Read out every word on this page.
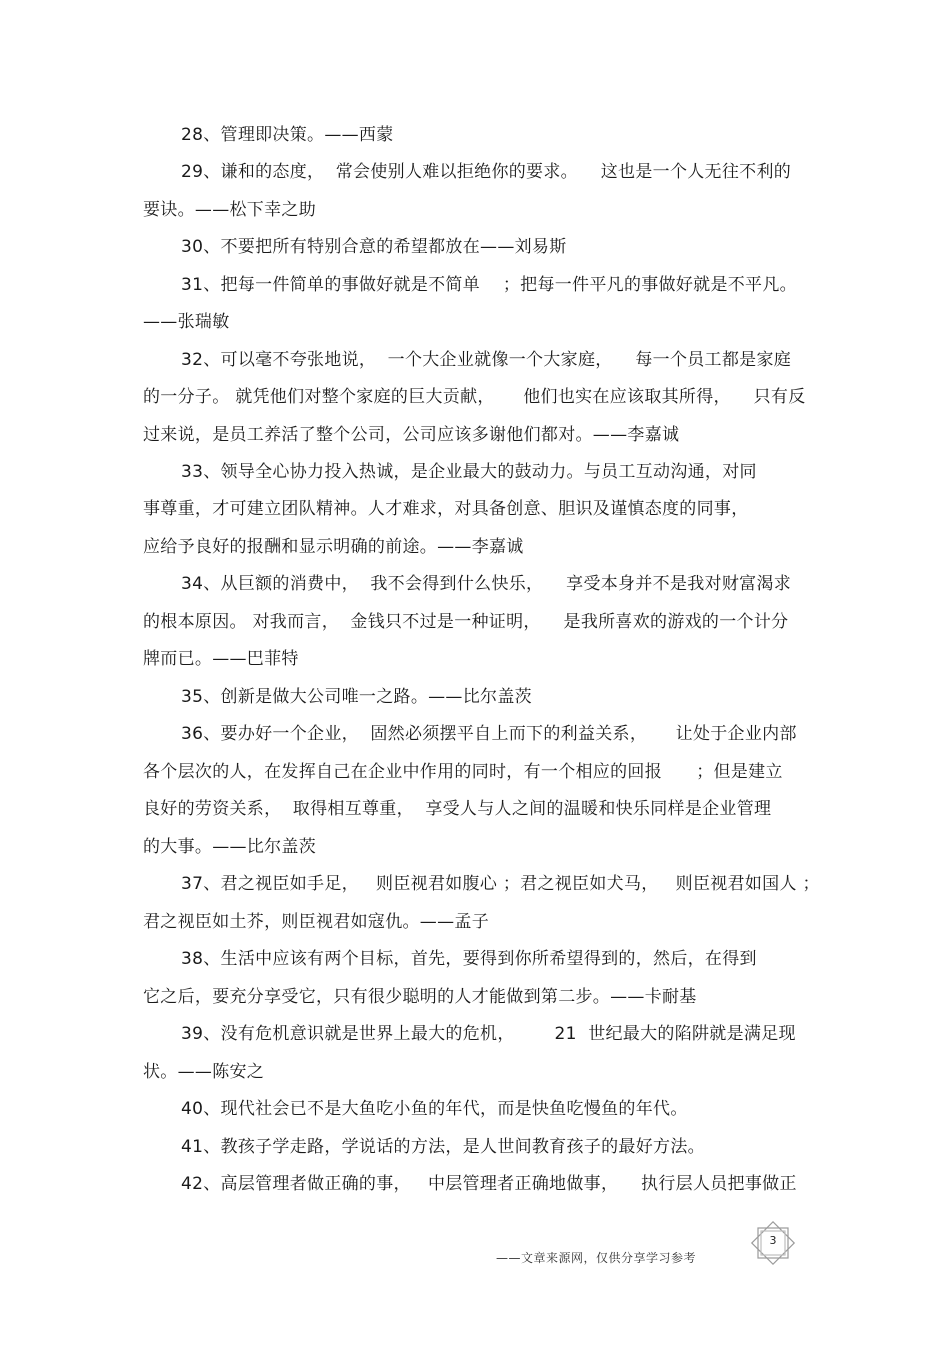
28、管理即决策。——西蒙
29、谦和的态度，  常会使别人难以拒绝你的要求。    这也是一个人无往不利的
要诀。——松下幸之助
30、不要把所有特别合意的希望都放在——刘易斯
31、把每一件简单的事做好就是不简单    ；把每一件平凡的事做好就是不平凡。
——张瑞敏
32、可以毫不夸张地说，  一个大企业就像一个大家庭，    每一个员工都是家庭
的一分子。 就凭他们对整个家庭的巨大贡献，     他们也实在应该取其所得，    只有反
过来说，是员工养活了整个公司，公司应该多谢他们都对。——李嘉诚
33、领导全心协力投入热诚，是企业最大的鼓动力。与员工互动沟通，对同
事尊重，才可建立团队精神。人才难求，对具备创意、胆识及谨慎态度的同事，
应给予良好的报酬和显示明确的前途。——李嘉诚
34、从巨额的消费中，  我不会得到什么快乐，    享受本身并不是我对财富渴求
的根本原因。 对我而言，  金钱只不过是一种证明，    是我所喜欢的游戏的一个计分
牌而已。——巴菲特
35、创新是做大公司唯一之路。——比尔盖茨
36、要办好一个企业，  固然必须摆平自上而下的利益关系，     让处于企业内部
各个层次的人，在发挥自己在企业中作用的同时，有一个相应的回报      ；但是建立
良好的劳资关系，  取得相互尊重，  享受人与人之间的温暖和快乐同样是企业管理
的大事。——比尔盖茨
37、君之视臣如手足，   则臣视君如腹心 ；君之视臣如犬马，   则臣视君如国人 ；
君之视臣如土芥，则臣视君如寇仇。——孟子
38、生活中应该有两个目标，首先，要得到你所希望得到的，然后，在得到
它之后，要充分享受它，只有很少聪明的人才能做到第二步。——卡耐基
39、没有危机意识就是世界上最大的危机，       21  世纪最大的陷阱就是满足现
状。——陈安之
40、现代社会已不是大鱼吃小鱼的年代，而是快鱼吃慢鱼的年代。
41、教孩子学走路，学说话的方法，是人世间教育孩子的最好方法。
42、高层管理者做正确的事，   中层管理者正确地做事，    执行层人员把事做正
3
——文章来源网，仅供分享学习参考
